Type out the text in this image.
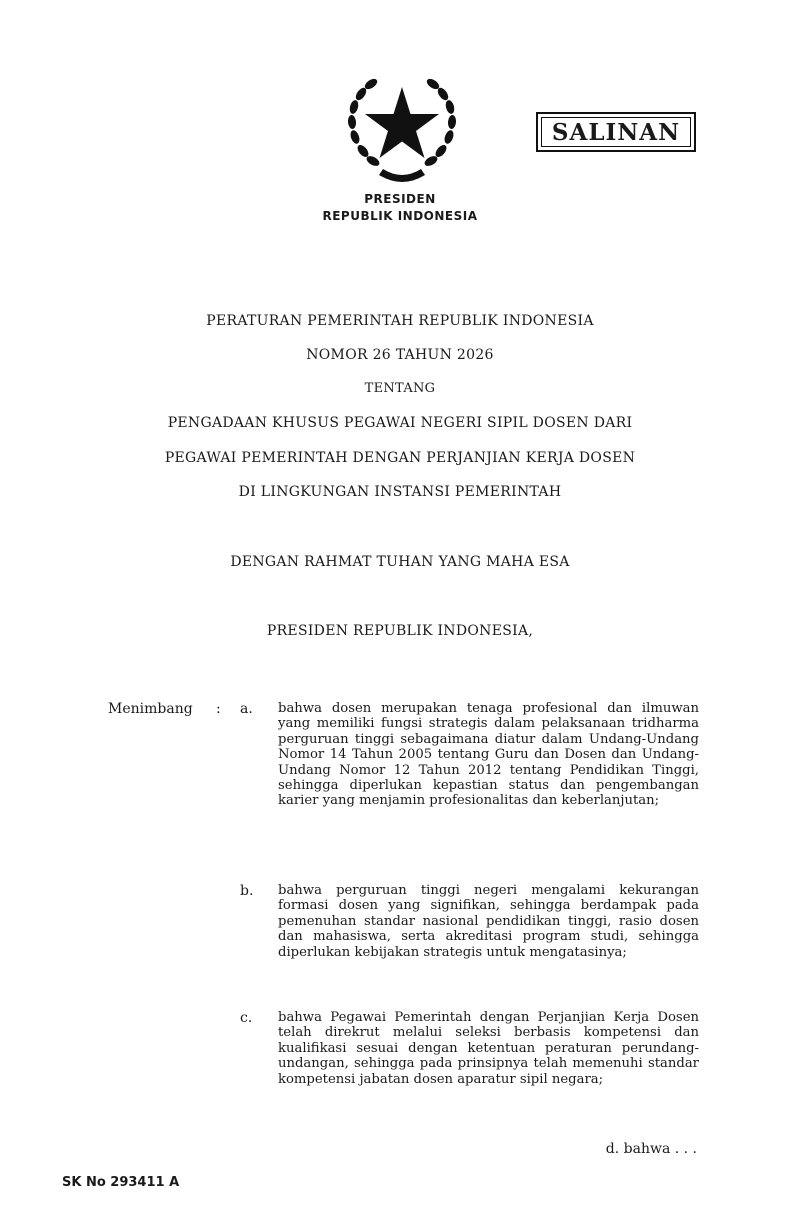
SALINAN
PRESIDEN
REPUBLIK INDONESIA
PERATURAN PEMERINTAH REPUBLIK INDONESIA
NOMOR 26 TAHUN 2026
TENTANG
PENGADAAN KHUSUS PEGAWAI NEGERI SIPIL DOSEN DARI
PEGAWAI PEMERINTAH DENGAN PERJANJIAN KERJA DOSEN
DI LINGKUNGAN INSTANSI PEMERINTAH
DENGAN RAHMAT TUHAN YANG MAHA ESA
PRESIDEN REPUBLIK INDONESIA,
Menimbang : a. bahwa dosen merupakan tenaga profesional dan ilmuwan yang memiliki fungsi strategis dalam pelaksanaan tridharma perguruan tinggi sebagaimana diatur dalam Undang-Undang Nomor 14 Tahun 2005 tentang Guru dan Dosen dan Undang-Undang Nomor 12 Tahun 2012 tentang Pendidikan Tinggi, sehingga diperlukan kepastian status dan pengembangan karier yang menjamin profesionalitas dan keberlanjutan;

b. bahwa perguruan tinggi negeri mengalami kekurangan formasi dosen yang signifikan, sehingga berdampak pada pemenuhan standar nasional pendidikan tinggi, rasio dosen dan mahasiswa, serta akreditasi program studi, sehingga diperlukan kebijakan strategis untuk mengatasinya;

c. bahwa Pegawai Pemerintah dengan Perjanjian Kerja Dosen telah direkrut melalui seleksi berbasis kompetensi dan kualifikasi sesuai dengan ketentuan peraturan perundang-undangan, sehingga pada prinsipnya telah memenuhi standar kompetensi jabatan dosen aparatur sipil negara;

d. bahwa . . .
SK No 293411 A
